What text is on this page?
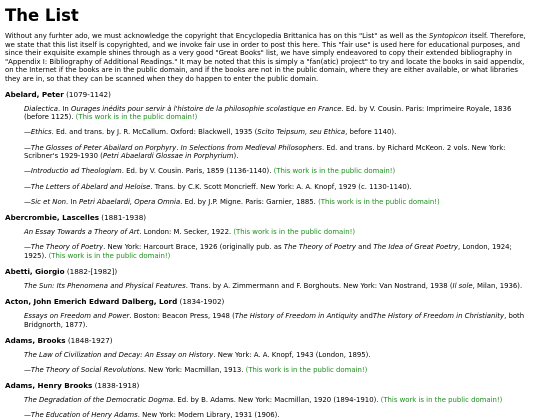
The List

Without any furhter ado, we must acknowledge the copyright that Encyclopedia Brittanica has on this "List" as well as the Syntopicon itself. Therefore, we state that this list itself is copyrighted, and we invoke fair use in order to post this here. This "fair use" is used here for educational purposes, and since their exquisite example shines through as a very good "Great Books" list, we have simply endeavored to copy their extended bibliography in "Appendix I: Bibliography of Additional Readings." It may be noted that this is simply a "fan(atic) project" to try and locate the books in said appendix, on the Internet if the books are in the public domain, and if the books are not in the public domain, where they are either available, or what libraries they are in, so that they can be scanned when they do happen to enter the public domain.

Abelard, Peter (1079-1142)

Dialectica. In Ourages inédits pour servir à l'histoire de la philosophie scolastique en France. Ed. by V. Cousin. Paris: Imprimeire Royale, 1836 (before 1125). (This work is in the public domain!)

—Ethics. Ed. and trans. by J. R. McCallum. Oxford: Blackwell, 1935 (Scito Teipsum, seu Ethica, before 1140).

—The Glosses of Peter Abailard on Porphyry. In Selections from Medieval Philosophers. Ed. and trans. by Richard McKeon. 2 vols. New York: Scribner's 1929-1930 (Petri Abaelardi Glossae in Porphyrium).

—Introductio ad Theologiam. Ed. by V. Cousin. Paris, 1859 (1136-1140). (This work is in the public domain!)

—The Letters of Abelard and Heloise. Trans. by C.K. Scott Moncrieff. New York: A. A. Knopf, 1929 (c. 1130-1140).

—Sic et Non. In Petri Abaelardi, Opera Omnia. Ed. by J.P. Migne. Paris: Garnier, 1885. (This work is in the public domain!)

Abercrombie, Lascelles (1881-1938)

An Essay Towards a Theory of Art. London: M. Secker, 1922. (This work is in the public domain!)

—The Theory of Poetry. New York: Harcourt Brace, 1926 (originally pub. as The Theory of Poetry and The Idea of Great Poetry, London, 1924; 1925). (This work is in the public domain!)

Abetti, Giorgio (1882-[1982])

The Sun: Its Phenomena and Physical Features. Trans. by A. Zimmermann and F. Borghouts. New York: Van Nostrand, 1938 (Il sole, Milan, 1936).

Acton, John Emerich Edward Dalberg, Lord (1834-1902)

Essays on Freedom and Power. Boston: Beacon Press, 1948 (The History of Freedom in Antiquity andThe History of Freedom in Christianity, both Bridgnorth, 1877).

Adams, Brooks (1848-1927)

The Law of Civilization and Decay: An Essay on History. New York: A. A. Knopf, 1943 (London, 1895).

—The Theory of Social Revolutions. New York: Macmillan, 1913. (This work is in the public domain!)

Adams, Henry Brooks (1838-1918)

The Degradation of the Democratic Dogma. Ed. by B. Adams. New York: Macmillan, 1920 (1894-1910). (This work is in the public domain!)

—The Education of Henry Adams. New York: Modern Library, 1931 (1906).
